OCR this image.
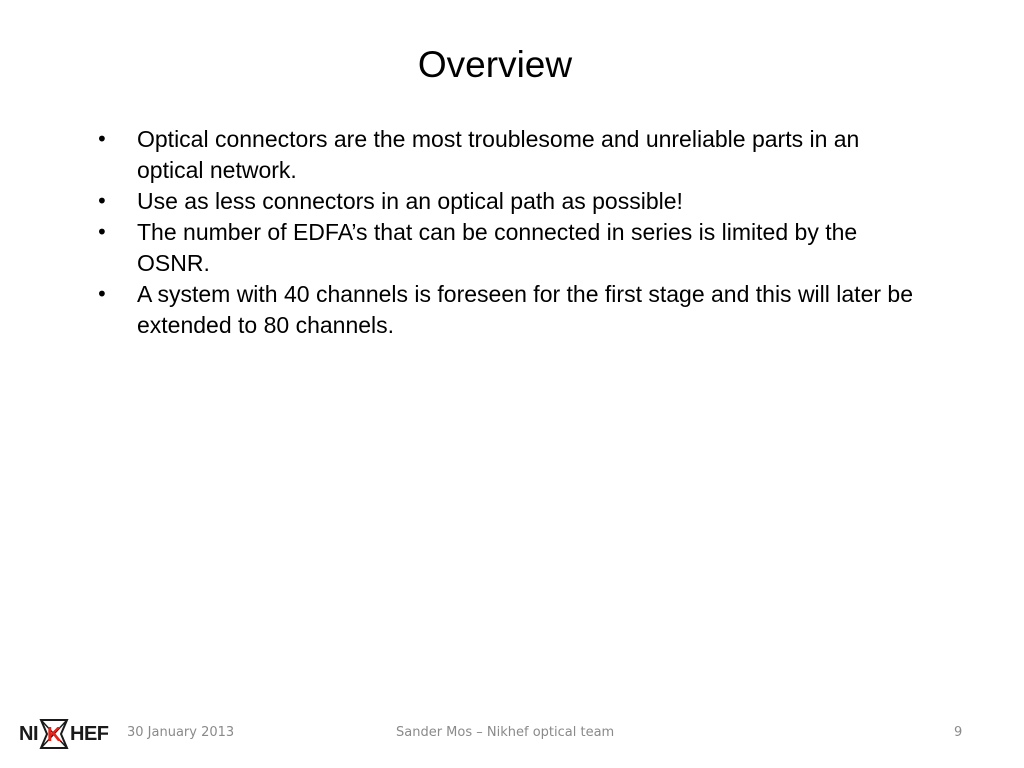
Overview
•	Optical connectors are the most troublesome and unreliable parts in an optical network.
•	Use as less connectors in an optical path as possible!
•	The number of EDFA’s that can be connected in series is limited by the OSNR.
•	A system with 40 channels is foreseen for the first stage and this will later be extended to 80 channels.
NI K HEF 30 January 2013	Sander Mos – Nikhef optical team	9
